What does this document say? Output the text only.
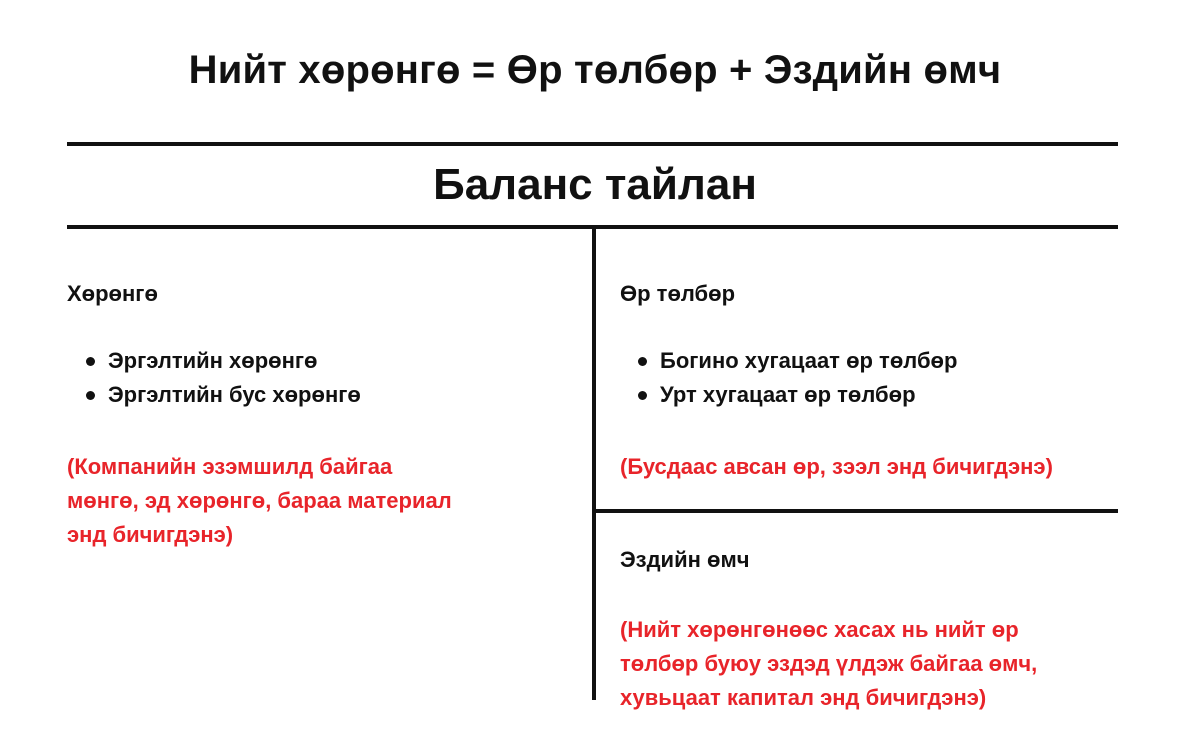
Нийт хөрөнгө = Өр төлбөр + Эздийн өмч
Баланс тайлан
Хөрөнгө
Эргэлтийн хөрөнгө
Эргэлтийн бус хөрөнгө

(Компанийн эзэмшилд байгаа
мөнгө, эд хөрөнгө, бараа материал
энд бичигдэнэ)

Өр төлбөр
Богино хугацаат өр төлбөр
Урт хугацаат өр төлбөр

(Бусдаас авсан өр, зээл энд бичигдэнэ)

Эздийн өмч

(Нийт хөрөнгөнөөс хасах нь нийт өр
төлбөр буюу эздэд үлдэж байгаа өмч,
хувьцаат капитал энд бичигдэнэ)
